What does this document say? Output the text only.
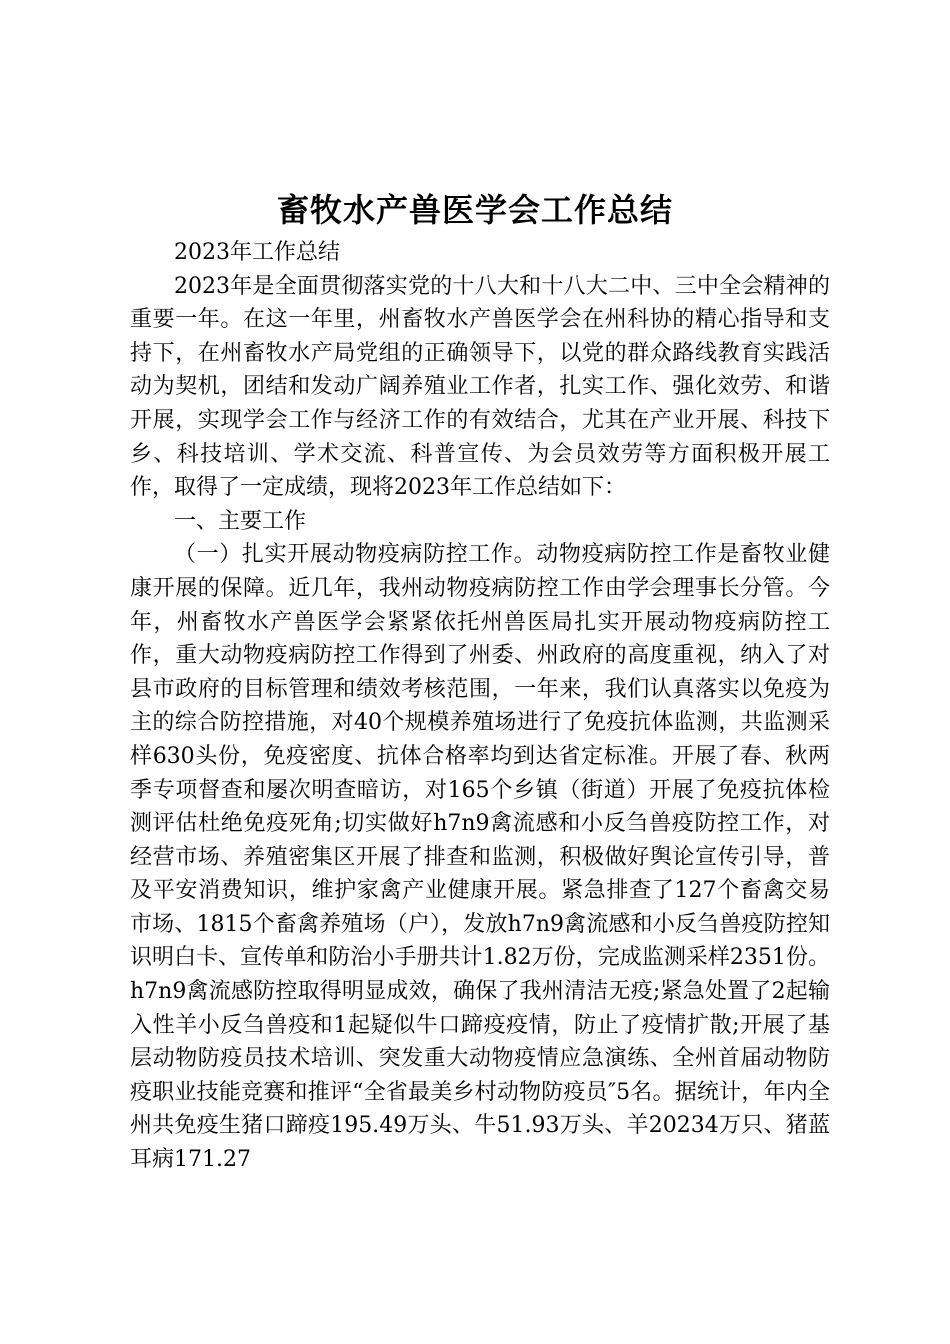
畜牧水产兽医学会工作总结

2023年工作总结

2023年是全面贯彻落实党的十八大和十八大二中、三中全会精神的重要一年。在这一年里，州畜牧水产兽医学会在州科协的精心指导和支持下，在州畜牧水产局党组的正确领导下，以党的群众路线教育实践活动为契机，团结和发动广阔养殖业工作者，扎实工作、强化效劳、和谐开展，实现学会工作与经济工作的有效结合，尤其在产业开展、科技下乡、科技培训、学术交流、科普宣传、为会员效劳等方面积极开展工作，取得了一定成绩，现将2023年工作总结如下：

一、主要工作

（一）扎实开展动物疫病防控工作。动物疫病防控工作是畜牧业健康开展的保障。近几年，我州动物疫病防控工作由学会理事长分管。今年，州畜牧水产兽医学会紧紧依托州兽医局扎实开展动物疫病防控工作，重大动物疫病防控工作得到了州委、州政府的高度重视，纳入了对县市政府的目标管理和绩效考核范围，一年来，我们认真落实以免疫为主的综合防控措施，对40个规模养殖场进行了免疫抗体监测，共监测采样630头份，免疫密度、抗体合格率均到达省定标准。开展了春、秋两季专项督查和屡次明查暗访，对165个乡镇（街道）开展了免疫抗体检测评估杜绝免疫死角;切实做好h7n9禽流感和小反刍兽疫防控工作，对经营市场、养殖密集区开展了排查和监测，积极做好舆论宣传引导，普及平安消费知识，维护家禽产业健康开展。紧急排查了127个畜禽交易市场、1815个畜禽养殖场（户），发放h7n9禽流感和小反刍兽疫防控知识明白卡、宣传单和防治小手册共计1.82万份，完成监测采样2351份。h7n9禽流感防控取得明显成效，确保了我州清洁无疫;紧急处置了2起输入性羊小反刍兽疫和1起疑似牛口蹄疫疫情，防止了疫情扩散;开展了基层动物防疫员技术培训、突发重大动物疫情应急演练、全州首届动物防疫职业技能竞赛和推评“全省最美乡村动物防疫员″5名。据统计，年内全州共免疫生猪口蹄疫195.49万头、牛51.93万头、羊20234万只、猪蓝耳病171.27
